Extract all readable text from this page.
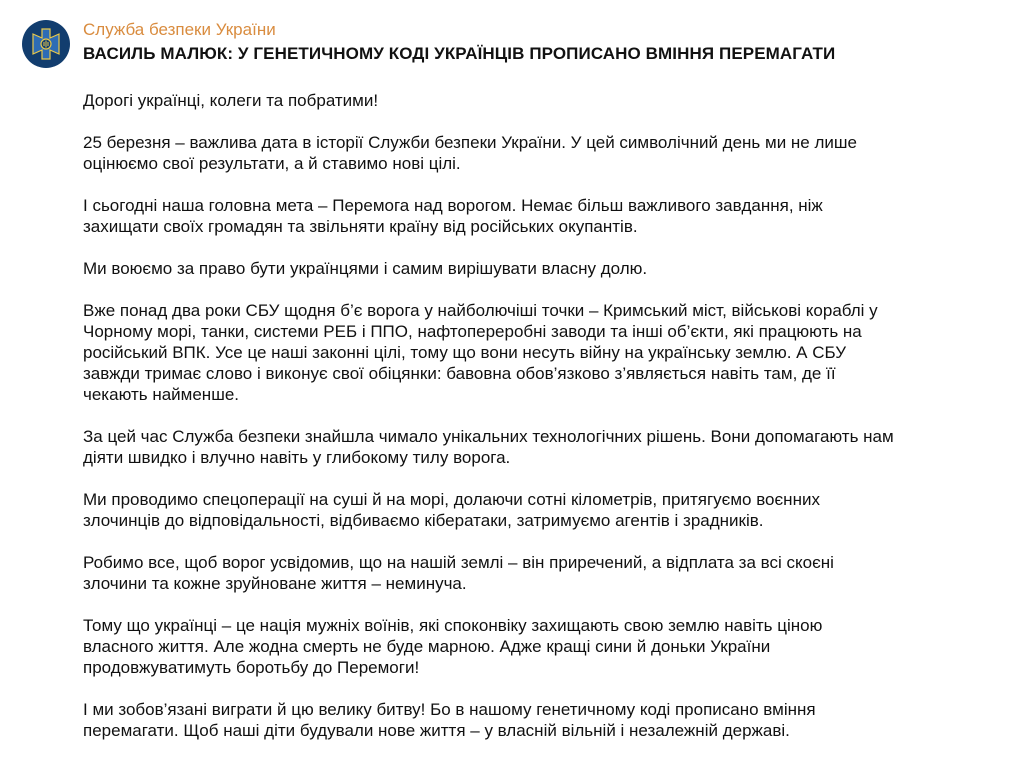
Служба безпеки України
ВАСИЛЬ МАЛЮК: У ГЕНЕТИЧНОМУ КОДІ УКРАЇНЦІВ ПРОПИСАНО ВМІННЯ ПЕРЕМАГАТИ
Дорогі українці, колеги та побратими!
25 березня – важлива дата в історії Служби безпеки України. У цей символічний день ми не лише
оцінюємо свої результати, а й ставимо нові цілі.
І сьогодні наша головна мета – Перемога над ворогом. Немає більш важливого завдання, ніж
захищати своїх громадян та звільняти країну від російських окупантів.
Ми воюємо за право бути українцями і самим вирішувати власну долю.
Вже понад два роки СБУ щодня б’є ворога у найболючіші точки – Кримський міст, військові кораблі у
Чорному морі, танки, системи РЕБ і ППО, нафтопереробні заводи та інші об’єкти, які працюють на
російський ВПК. Усе це наші законні цілі, тому що вони несуть війну на українську землю. А СБУ
завжди тримає слово і виконує свої обіцянки: бавовна обов’язково з’являється навіть там, де її
чекають найменше.
За цей час Служба безпеки знайшла чимало унікальних технологічних рішень. Вони допомагають нам
діяти швидко і влучно навіть у глибокому тилу ворога.
Ми проводимо спецоперації на суші й на морі, долаючи сотні кілометрів, притягуємо воєнних
злочинців до відповідальності, відбиваємо кібератаки, затримуємо агентів і зрадників.
Робимо все, щоб ворог усвідомив, що на нашій землі – він приречений, а відплата за всі скоєні
злочини та кожне зруйноване життя – неминуча.
Тому що українці – це нація мужніх воїнів, які споконвіку захищають свою землю навіть ціною
власного життя. Але жодна смерть не буде марною. Адже кращі сини й доньки України
продовжуватимуть боротьбу до Перемоги!
І ми зобов’язані виграти й цю велику битву! Бо в нашому генетичному коді прописано вміння
перемагати. Щоб наші діти будували нове життя – у власній вільній і незалежній державі.
